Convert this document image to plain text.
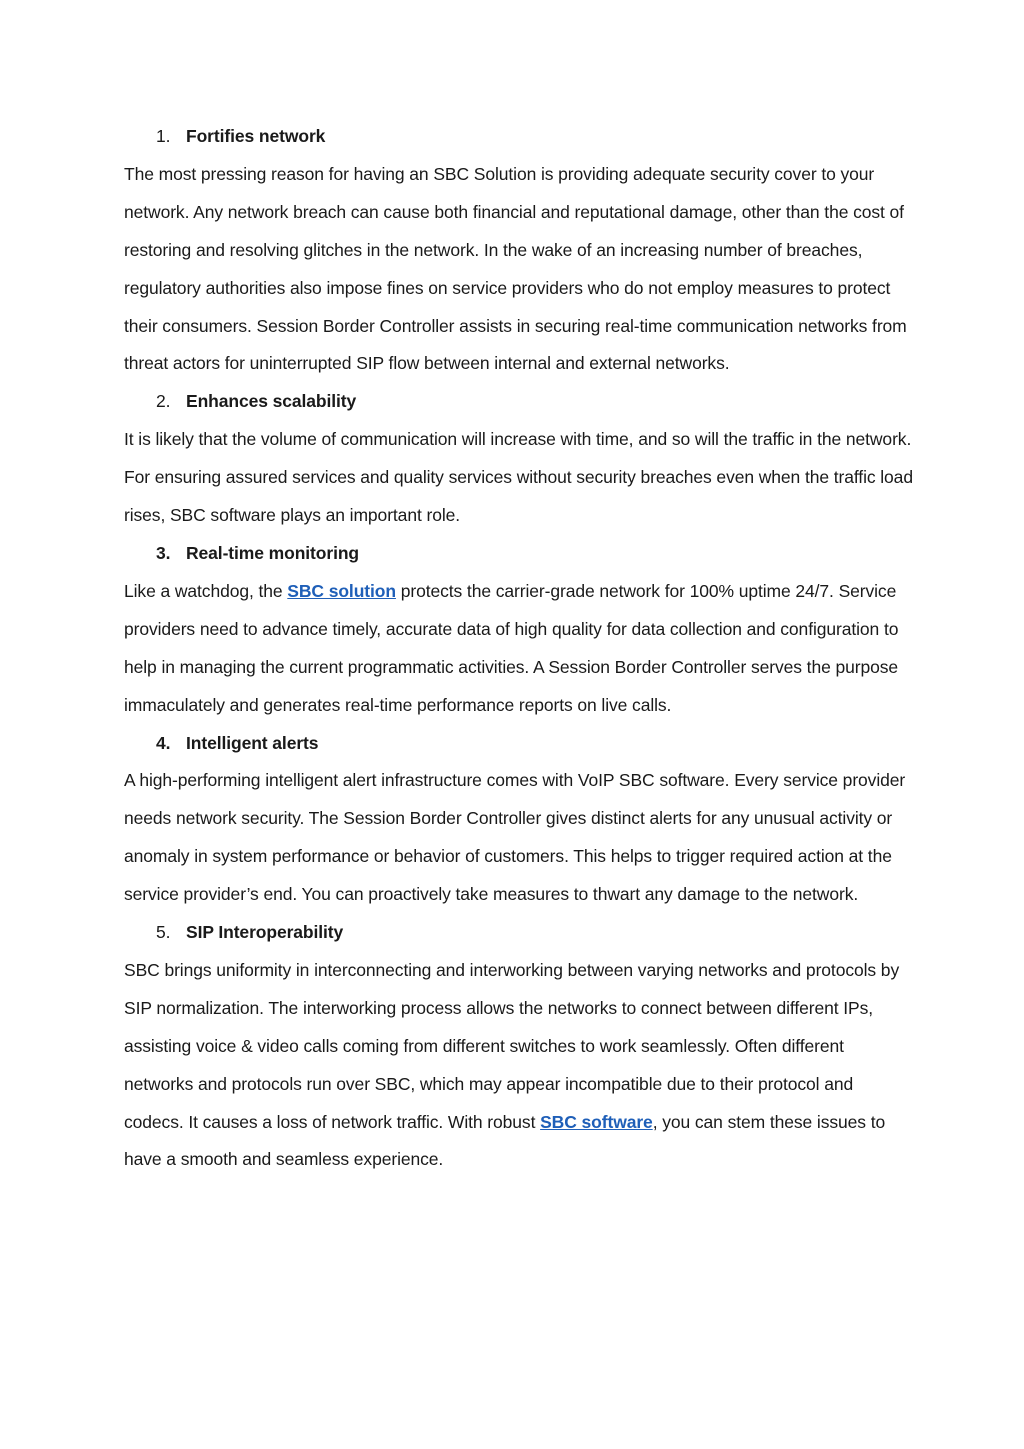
1. Fortifies network

The most pressing reason for having an SBC Solution is providing adequate security cover to your network. Any network breach can cause both financial and reputational damage, other than the cost of restoring and resolving glitches in the network. In the wake of an increasing number of breaches, regulatory authorities also impose fines on service providers who do not employ measures to protect their consumers. Session Border Controller assists in securing real-time communication networks from threat actors for uninterrupted SIP flow between internal and external networks.

2. Enhances scalability

It is likely that the volume of communication will increase with time, and so will the traffic in the network. For ensuring assured services and quality services without security breaches even when the traffic load rises, SBC software plays an important role.

3. Real-time monitoring

Like a watchdog, the SBC solution protects the carrier-grade network for 100% uptime 24/7. Service providers need to advance timely, accurate data of high quality for data collection and configuration to help in managing the current programmatic activities. A Session Border Controller serves the purpose immaculately and generates real-time performance reports on live calls.

4. Intelligent alerts

A high-performing intelligent alert infrastructure comes with VoIP SBC software. Every service provider needs network security. The Session Border Controller gives distinct alerts for any unusual activity or anomaly in system performance or behavior of customers. This helps to trigger required action at the service provider’s end. You can proactively take measures to thwart any damage to the network.

5. SIP Interoperability

SBC brings uniformity in interconnecting and interworking between varying networks and protocols by SIP normalization. The interworking process allows the networks to connect between different IPs, assisting voice & video calls coming from different switches to work seamlessly. Often different networks and protocols run over SBC, which may appear incompatible due to their protocol and codecs. It causes a loss of network traffic. With robust SBC software, you can stem these issues to have a smooth and seamless experience.
